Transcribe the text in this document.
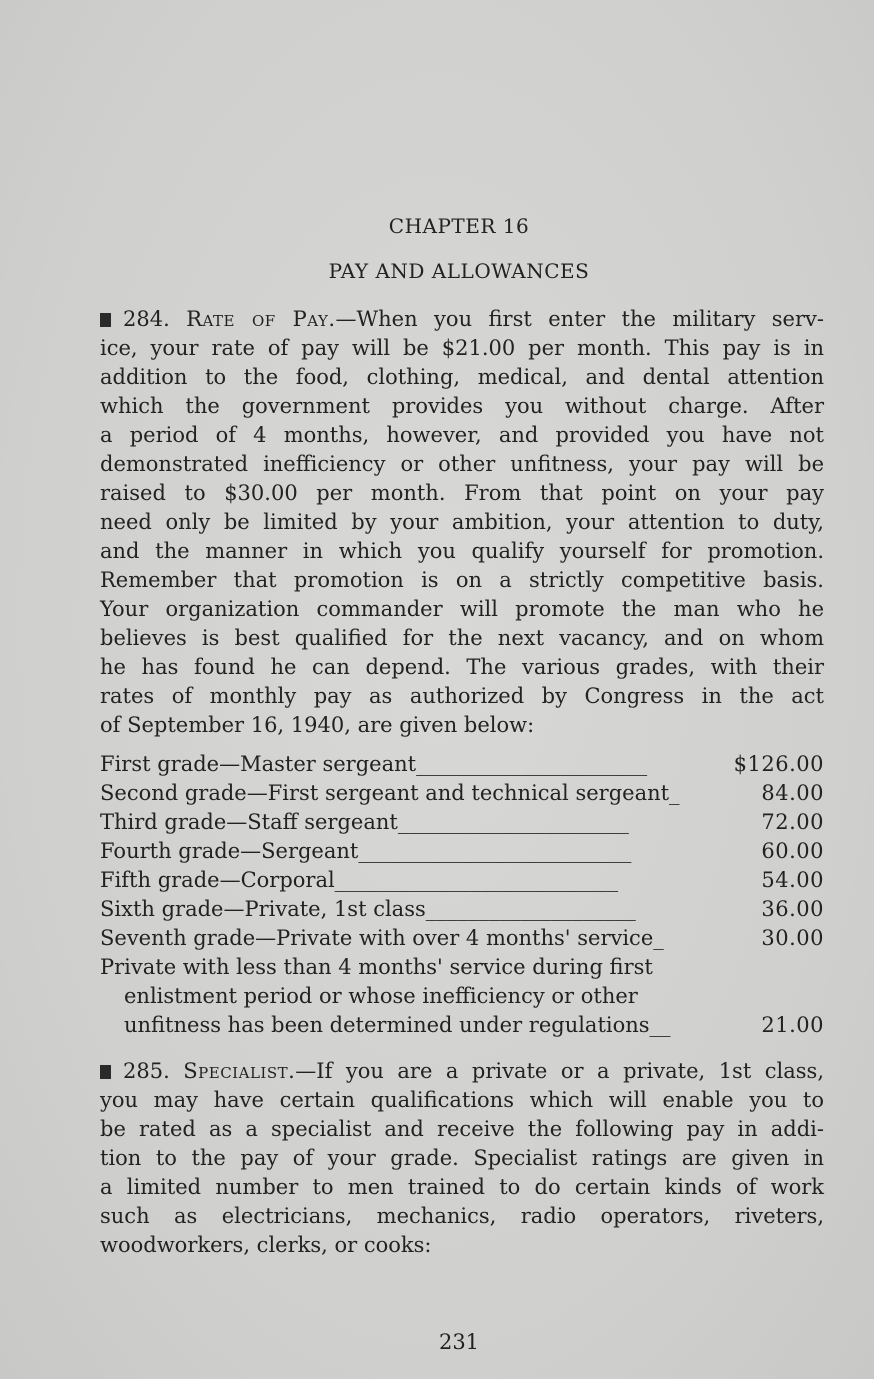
CHAPTER 16
PAY AND ALLOWANCES
284. Rate of Pay.—When you first enter the military serv-
ice, your rate of pay will be $21.00 per month. This pay is in
addition to the food, clothing, medical, and dental attention
which the government provides you without charge. After
a period of 4 months, however, and provided you have not
demonstrated inefficiency or other unfitness, your pay will be
raised to $30.00 per month. From that point on your pay
need only be limited by your ambition, your attention to duty,
and the manner in which you qualify yourself for promotion.
Remember that promotion is on a strictly competitive basis.
Your organization commander will promote the man who he
believes is best qualified for the next vacancy, and on whom
he has found he can depend. The various grades, with their
rates of monthly pay as authorized by Congress in the act
of September 16, 1940, are given below:
First grade—Master sergeant______________________	$126.00
Second grade—First sergeant and technical sergeant_	84.00
Third grade—Staff sergeant______________________	72.00
Fourth grade—Sergeant__________________________	60.00
Fifth grade—Corporal___________________________	54.00
Sixth grade—Private, 1st class____________________	36.00
Seventh grade—Private with over 4 months' service_	30.00
Private with less than 4 months' service during first
enlistment period or whose inefficiency or other
unfitness has been determined under regulations__	21.00
285. Specialist.—If you are a private or a private, 1st class,
you may have certain qualifications which will enable you to
be rated as a specialist and receive the following pay in addi-
tion to the pay of your grade. Specialist ratings are given in
a limited number to men trained to do certain kinds of work
such as electricians, mechanics, radio operators, riveters,
woodworkers, clerks, or cooks:
231
